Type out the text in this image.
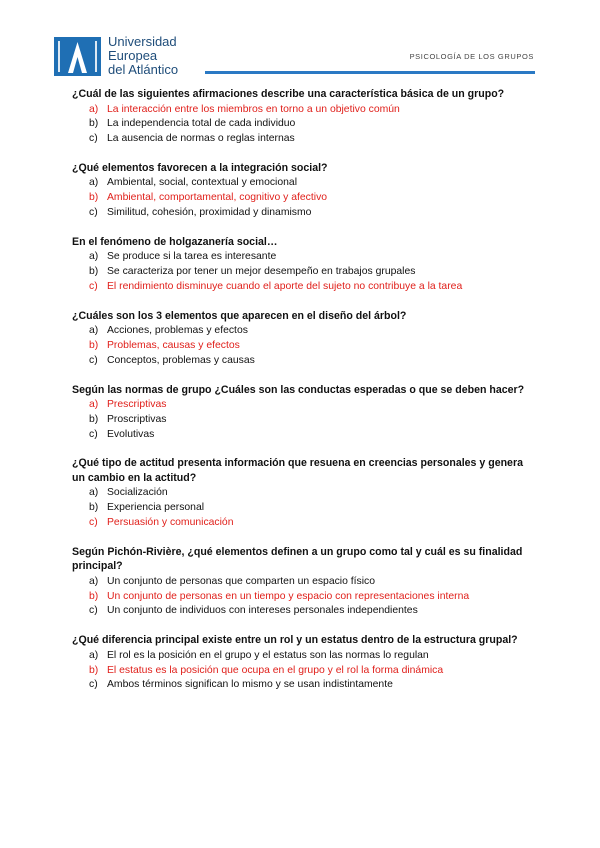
Universidad
Europea
del Atlántico
PSICOLOGÍA DE LOS GRUPOS
¿Cuál de las siguientes afirmaciones describe una característica básica de un grupo?
a) La interacción entre los miembros en torno a un objetivo común
b) La independencia total de cada individuo
c) La ausencia de normas o reglas internas
¿Qué elementos favorecen a la integración social?
a) Ambiental, social, contextual y emocional
b) Ambiental, comportamental, cognitivo y afectivo
c) Similitud, cohesión, proximidad y dinamismo
En el fenómeno de holgazanería social…
a) Se produce si la tarea es interesante
b) Se caracteriza por tener un mejor desempeño en trabajos grupales
c) El rendimiento disminuye cuando el aporte del sujeto no contribuye a la tarea
¿Cuáles son los 3 elementos que aparecen en el diseño del árbol?
a) Acciones, problemas y efectos
b) Problemas, causas y efectos
c) Conceptos, problemas y causas
Según las normas de grupo ¿Cuáles son las conductas esperadas o que se deben hacer?
a) Prescriptivas
b) Proscriptivas
c) Evolutivas
¿Qué tipo de actitud presenta información que resuena en creencias personales y genera un cambio en la actitud?
a) Socialización
b) Experiencia personal
c) Persuasión y comunicación
Según Pichón-Rivière, ¿qué elementos definen a un grupo como tal y cuál es su finalidad principal?
a) Un conjunto de personas que comparten un espacio físico
b) Un conjunto de personas en un tiempo y espacio con representaciones interna
c) Un conjunto de individuos con intereses personales independientes
¿Qué diferencia principal existe entre un rol y un estatus dentro de la estructura grupal?
a) El rol es la posición en el grupo y el estatus son las normas lo regulan
b) El estatus es la posición que ocupa en el grupo y el rol la forma dinámica
c) Ambos términos significan lo mismo y se usan indistintamente
